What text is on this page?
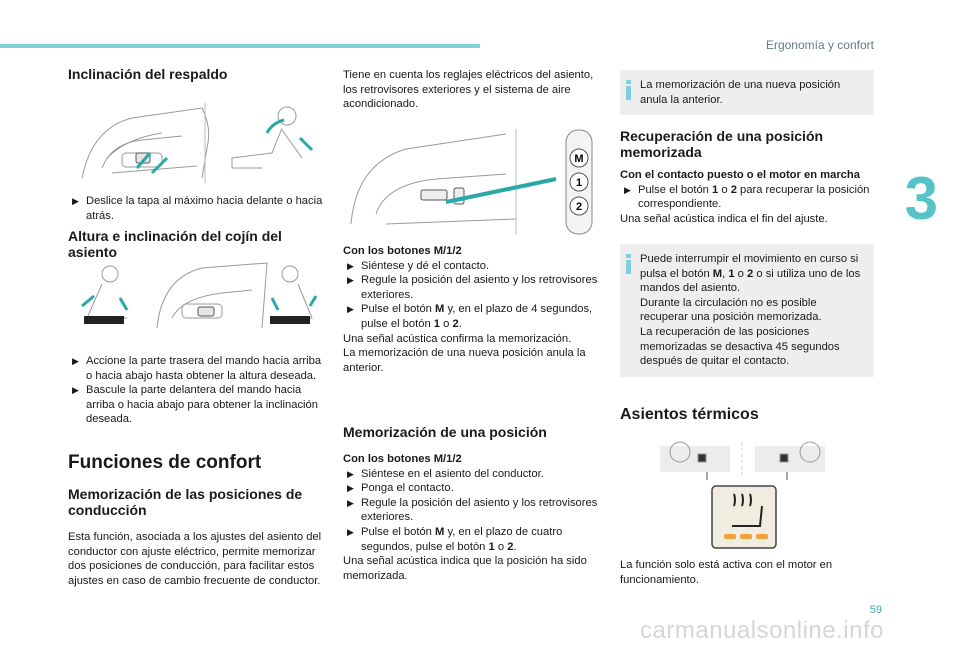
Ergonomía y confort
3
Inclinación del respaldo
▶ Deslice la tapa al máximo hacia delante o hacia atrás.
Altura e inclinación del cojín del asiento
▶ Accione la parte trasera del mando hacia arriba o hacia abajo hasta obtener la altura deseada.
▶ Bascule la parte delantera del mando hacia arriba o hacia abajo para obtener la inclinación deseada.
Funciones de confort
Memorización de las posiciones de conducción

Esta función, asociada a los ajustes del asiento del conductor con ajuste eléctrico, permite memorizar dos posiciones de conducción, para facilitar estos ajustes en caso de cambio frecuente de conductor.

Tiene en cuenta los reglajes eléctricos del asiento, los retrovisores exteriores y el sistema de aire acondicionado.

M
1
2

Con los botones M/1/2

▶ Siéntese y dé el contacto.
▶ Regule la posición del asiento y los retrovisores exteriores.
▶ Pulse el botón M y, en el plazo de 4 segundos, pulse el botón 1 o 2.

Una señal acústica confirma la memorización.

La memorización de una nueva posición anula la anterior.

Memorización de una posición

Con los botones M/1/2

▶ Siéntese en el asiento del conductor.
▶ Ponga el contacto.
▶ Regule la posición del asiento y los retrovisores exteriores.
▶ Pulse el botón M y, en el plazo de cuatro segundos, pulse el botón 1 o 2.

Una señal acústica indica que la posición ha sido memorizada.

La memorización de una nueva posición anula la anterior.

Recuperación de una posición memorizada

Con el contacto puesto o el motor en marcha

▶ Pulse el botón 1 o 2 para recuperar la posición correspondiente.

Una señal acústica indica el fin del ajuste.

Puede interrumpir el movimiento en curso si pulsa el botón M, 1 o 2 o si utiliza uno de los mandos del asiento.

Durante la circulación no es posible recuperar una posición memorizada.

La recuperación de las posiciones memorizadas se desactiva 45 segundos después de quitar el contacto.

Asientos térmicos

La función solo está activa con el motor en funcionamiento.

59
carmanualsonline.info
